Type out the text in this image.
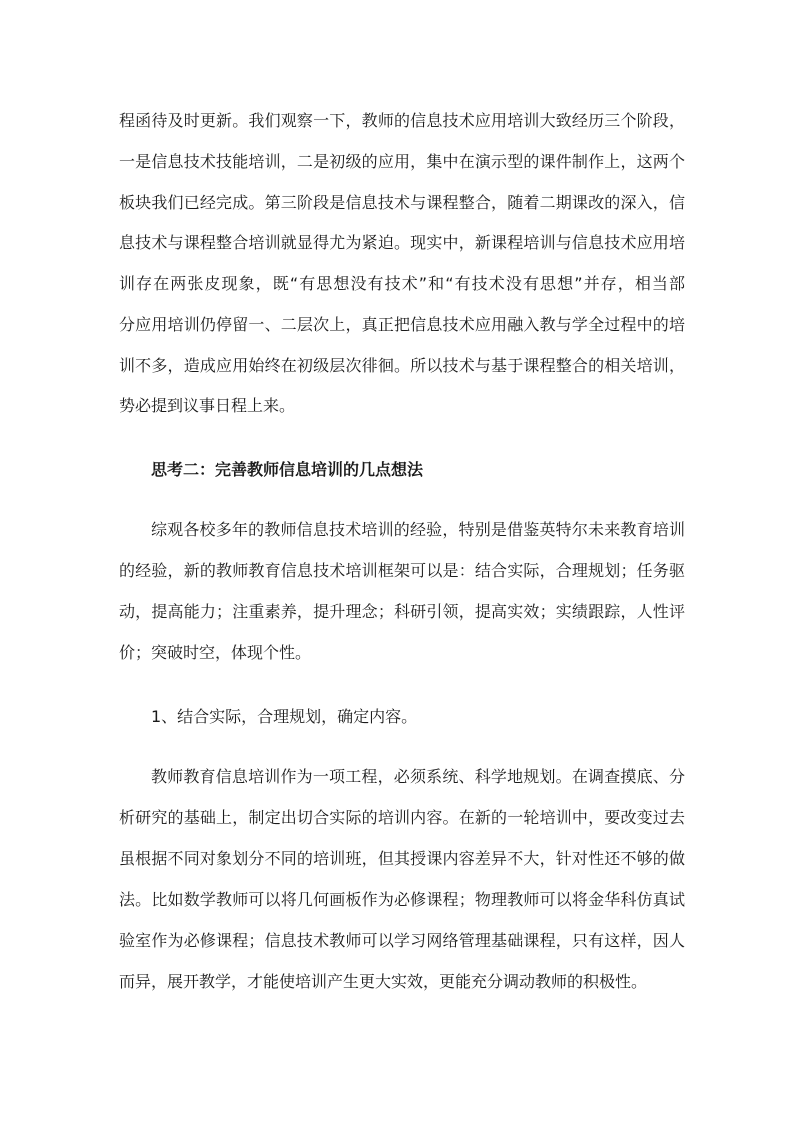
程函待及时更新。我们观察一下，教师的信息技术应用培训大致经历三个阶段，
一是信息技术技能培训，二是初级的应用，集中在演示型的课件制作上，这两个
板块我们已经完成。第三阶段是信息技术与课程整合，随着二期课改的深入，信
息技术与课程整合培训就显得尤为紧迫。现实中，新课程培训与信息技术应用培
训存在两张皮现象，既“有思想没有技术”和“有技术没有思想”并存，相当部
分应用培训仍停留一、二层次上，真正把信息技术应用融入教与学全过程中的培
训不多，造成应用始终在初级层次徘徊。所以技术与基于课程整合的相关培训，
势必提到议事日程上来。
思考二：完善教师信息培训的几点想法
综观各校多年的教师信息技术培训的经验，特别是借鉴英特尔未来教育培训
的经验，新的教师教育信息技术培训框架可以是：结合实际，合理规划；任务驱
动，提高能力；注重素养，提升理念；科研引领，提高实效；实绩跟踪，人性评
价；突破时空，体现个性。
1、结合实际，合理规划，确定内容。
教师教育信息培训作为一项工程，必须系统、科学地规划。在调查摸底、分
析研究的基础上，制定出切合实际的培训内容。在新的一轮培训中，要改变过去
虽根据不同对象划分不同的培训班，但其授课内容差异不大，针对性还不够的做
法。比如数学教师可以将几何画板作为必修课程；物理教师可以将金华科仿真试
验室作为必修课程；信息技术教师可以学习网络管理基础课程，只有这样，因人
而异，展开教学，才能使培训产生更大实效，更能充分调动教师的积极性。
